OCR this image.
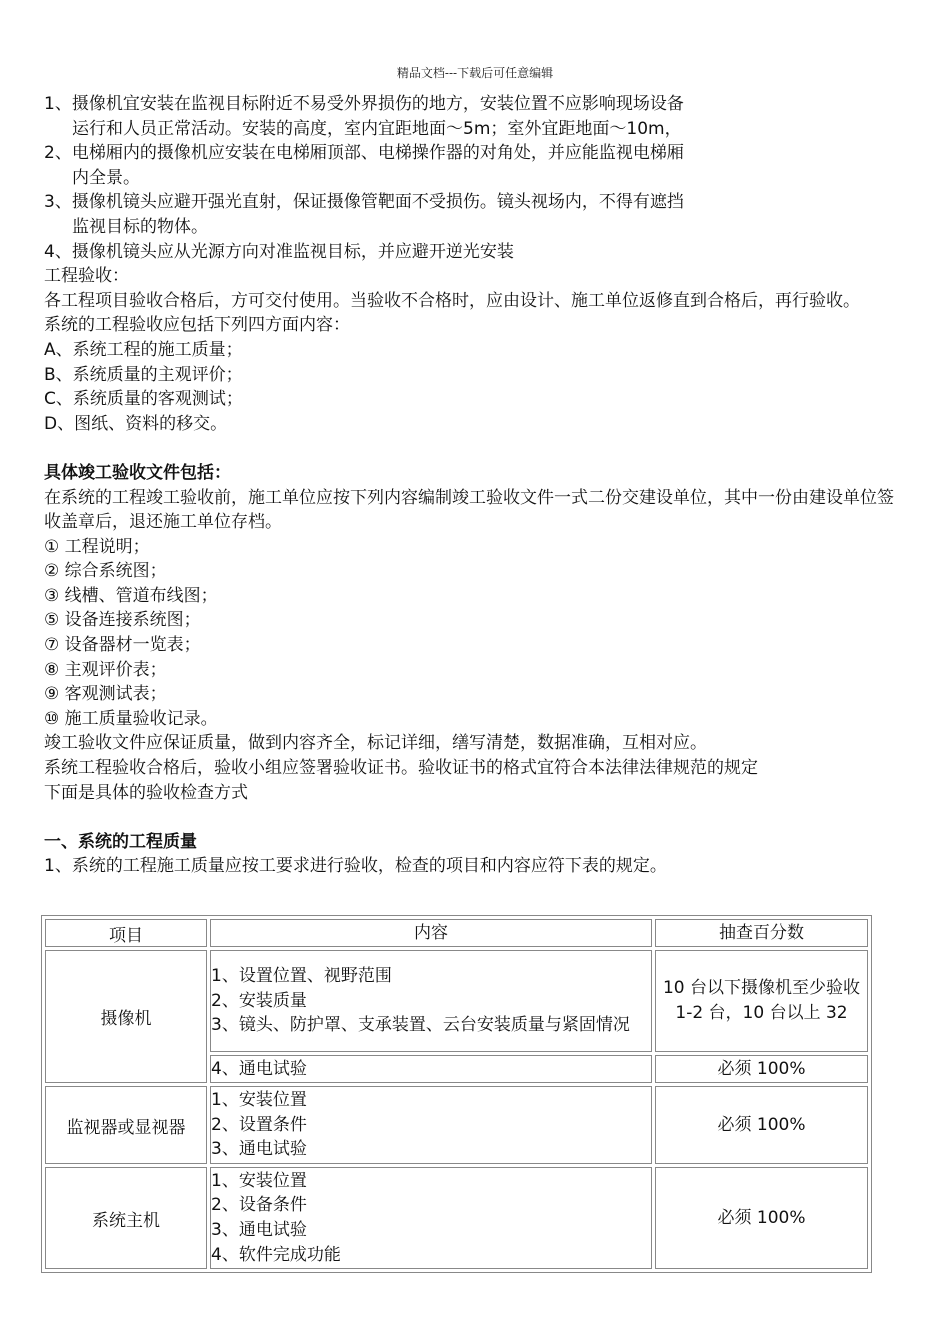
精品文档---下载后可任意编辑
1、摄像机宜安装在监视目标附近不易受外界损伤的地方，安装位置不应影响现场设备
运行和人员正常活动。安装的高度，室内宜距地面～5m；室外宜距地面～10m，
2、电梯厢内的摄像机应安装在电梯厢顶部、电梯操作器的对角处，并应能监视电梯厢
内全景。
3、摄像机镜头应避开强光直射，保证摄像管靶面不受损伤。镜头视场内，不得有遮挡
监视目标的物体。
4、摄像机镜头应从光源方向对准监视目标，并应避开逆光安装
工程验收：
各工程项目验收合格后，方可交付使用。当验收不合格时，应由设计、施工单位返修直到合格后，再行验收。
系统的工程验收应包括下列四方面内容：
A、系统工程的施工质量；
B、系统质量的主观评价；
C、系统质量的客观测试；
D、图纸、资料的移交。
具体竣工验收文件包括：
在系统的工程竣工验收前，施工单位应按下列内容编制竣工验收文件一式二份交建设单位，其中一份由建设单位签收盖章后，退还施工单位存档。
① 工程说明；
② 综合系统图；
③ 线槽、管道布线图；
⑤ 设备连接系统图；
⑦ 设备器材一览表；
⑧ 主观评价表；
⑨ 客观测试表；
⑩ 施工质量验收记录。
竣工验收文件应保证质量，做到内容齐全，标记详细，缮写清楚，数据准确，互相对应。
系统工程验收合格后，验收小组应签署验收证书。验收证书的格式宜符合本法律法律规范的规定
下面是具体的验收检查方式
一、系统的工程质量
1、系统的工程施工质量应按工要求进行验收，检查的项目和内容应符下表的规定。
项目	内容	抽查百分数
摄像机	1、设置位置、视野范围
2、安装质量
3、镜头、防护罩、支承装置、云台安装质量与紧固情况	10 台以下摄像机至少验收 1-2 台，10 台以上 32
	4、通电试验	必须 100%
监视器或显视器	1、安装位置
2、设置条件
3、通电试验	必须 100%
系统主机	1、安装位置
2、设备条件
3、通电试验
4、软件完成功能	必须 100%
